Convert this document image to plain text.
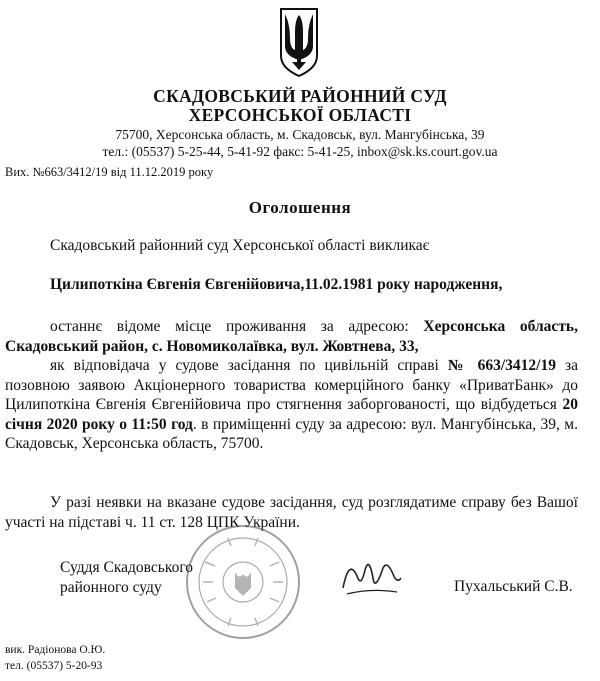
СКАДОВСЬКИЙ РАЙОННИЙ СУД
ХЕРСОНСЬКОЇ ОБЛАСТІ
75700, Херсонська область, м. Скадовськ, вул. Мангубінська, 39
тел.: (05537) 5-25-44, 5-41-92 факс: 5-41-25, inbox@sk.ks.court.gov.ua
Вих. №663/3412/19 від 11.12.2019 року
Оголошення
Скадовський районний суд Херсонської області викликає
Цилипоткіна Євгенія Євгенійовича,11.02.1981 року народження,
останнє відоме місце проживання за адресою: Херсонська область, Скадовський район, с. Новомиколаївка, вул. Жовтнева, 33,
як відповідача у судове засідання по цивільній справі № 663/3412/19 за позовною заявою Акціонерного товариства комерційного банку «ПриватБанк» до Цилипоткіна Євгенія Євгенійовича про стягнення заборгованості, що відбудеться 20 січня 2020 року о 11:50 год. в приміщенні суду за адресою: вул. Мангубінська, 39, м. Скадовськ, Херсонська область, 75700.
У разі неявки на вказане судове засідання, суд розглядатиме справу без Вашої участі на підставі ч. 11 ст. 128 ЦПК України.
Суддя Скадовського
районного суду	Пухальський С.В.
вик. Радіонова О.Ю.
тел. (05537) 5-20-93
